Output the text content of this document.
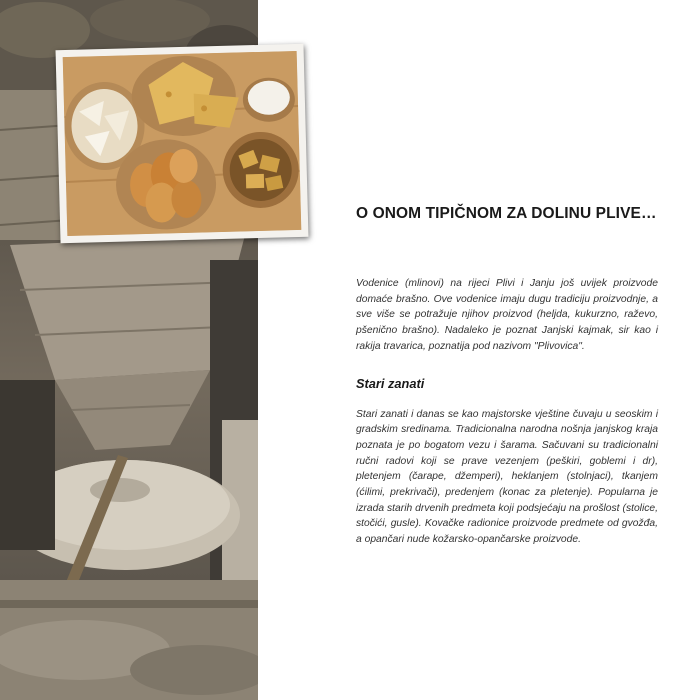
O ONOM TIPIČNOM ZA DOLINU PLIVE…

Vodenice (mlinovi) na rijeci Plivi i Janju još uvijek proizvode domaće brašno. Ove vodenice imaju dugu tradiciju proizvodnje, a sve više se potražuje njihov proizvod (heljda, kukurzno, raževo, pšenično brašno). Nadaleko je poznat Janjski kajmak, sir kao i rakija travarica, poznatija pod nazivom "Plivovica".

Stari zanati

Stari zanati i danas se kao majstorske vještine čuvaju u seoskim i gradskim sredinama. Tradicionalna narodna nošnja janjskog kraja poznata je po bogatom vezu i šarama. Sačuvani su tradicionalni ručni radovi koji se prave vezenjem (peškiri, goblemi i dr), pletenjem (čarape, džemperi), heklanjem (stolnjaci), tkanjem (ćilimi, prekrivači), predenjem (konac za pletenje). Popularna je izrada starih drvenih predmeta koji podsjećaju na prošlost (stolice, stočići, gusle). Kovačke radionice proizvode predmete od gvožđa, a opančari nude kožarsko-opančarske proizvode.
